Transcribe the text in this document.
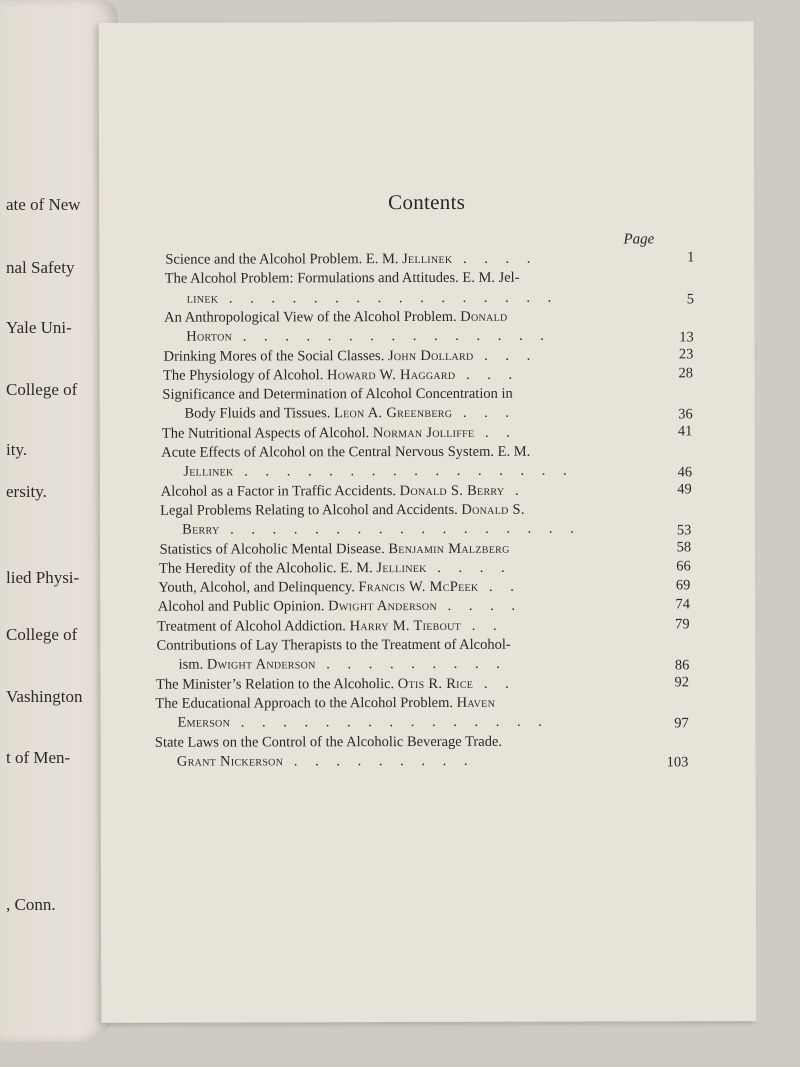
ate of New
nal Safety
Yale Uni-
College of
ity.
ersity.
lied Physi-
College of
Vashington
t of Men-
, Conn.
Contents
Page
Science and the Alcohol Problem. E. M. Jellinek . . . .	1
The Alcohol Problem: Formulations and Attitudes. E. M. Jel-
linek . . . . . . . . . . . . . . . .	5
An Anthropological View of the Alcohol Problem. Donald
Horton . . . . . . . . . . . . . . .	13
Drinking Mores of the Social Classes. John Dollard . . .	23
The Physiology of Alcohol. Howard W. Haggard . . .	28
Significance and Determination of Alcohol Concentration in
Body Fluids and Tissues. Leon A. Greenberg . . .	36
The Nutritional Aspects of Alcohol. Norman Jolliffe . .	41
Acute Effects of Alcohol on the Central Nervous System. E. M.
Jellinek . . . . . . . . . . . . . . . .	46
Alcohol as a Factor in Traffic Accidents. Donald S. Berry .	49
Legal Problems Relating to Alcohol and Accidents. Donald S.
Berry . . . . . . . . . . . . . . . . .	53
Statistics of Alcoholic Mental Disease. Benjamin Malzberg	58
The Heredity of the Alcoholic. E. M. Jellinek . . . .	66
Youth, Alcohol, and Delinquency. Francis W. McPeek . .	69
Alcohol and Public Opinion. Dwight Anderson . . . .	74
Treatment of Alcohol Addiction. Harry M. Tiebout . .	79
Contributions of Lay Therapists to the Treatment of Alcohol-
ism. Dwight Anderson . . . . . . . . .	86
The Minister’s Relation to the Alcoholic. Otis R. Rice . .	92
The Educational Approach to the Alcohol Problem. Haven
Emerson . . . . . . . . . . . . . . .	97
State Laws on the Control of the Alcoholic Beverage Trade.
Grant Nickerson . . . . . . . . .	103
